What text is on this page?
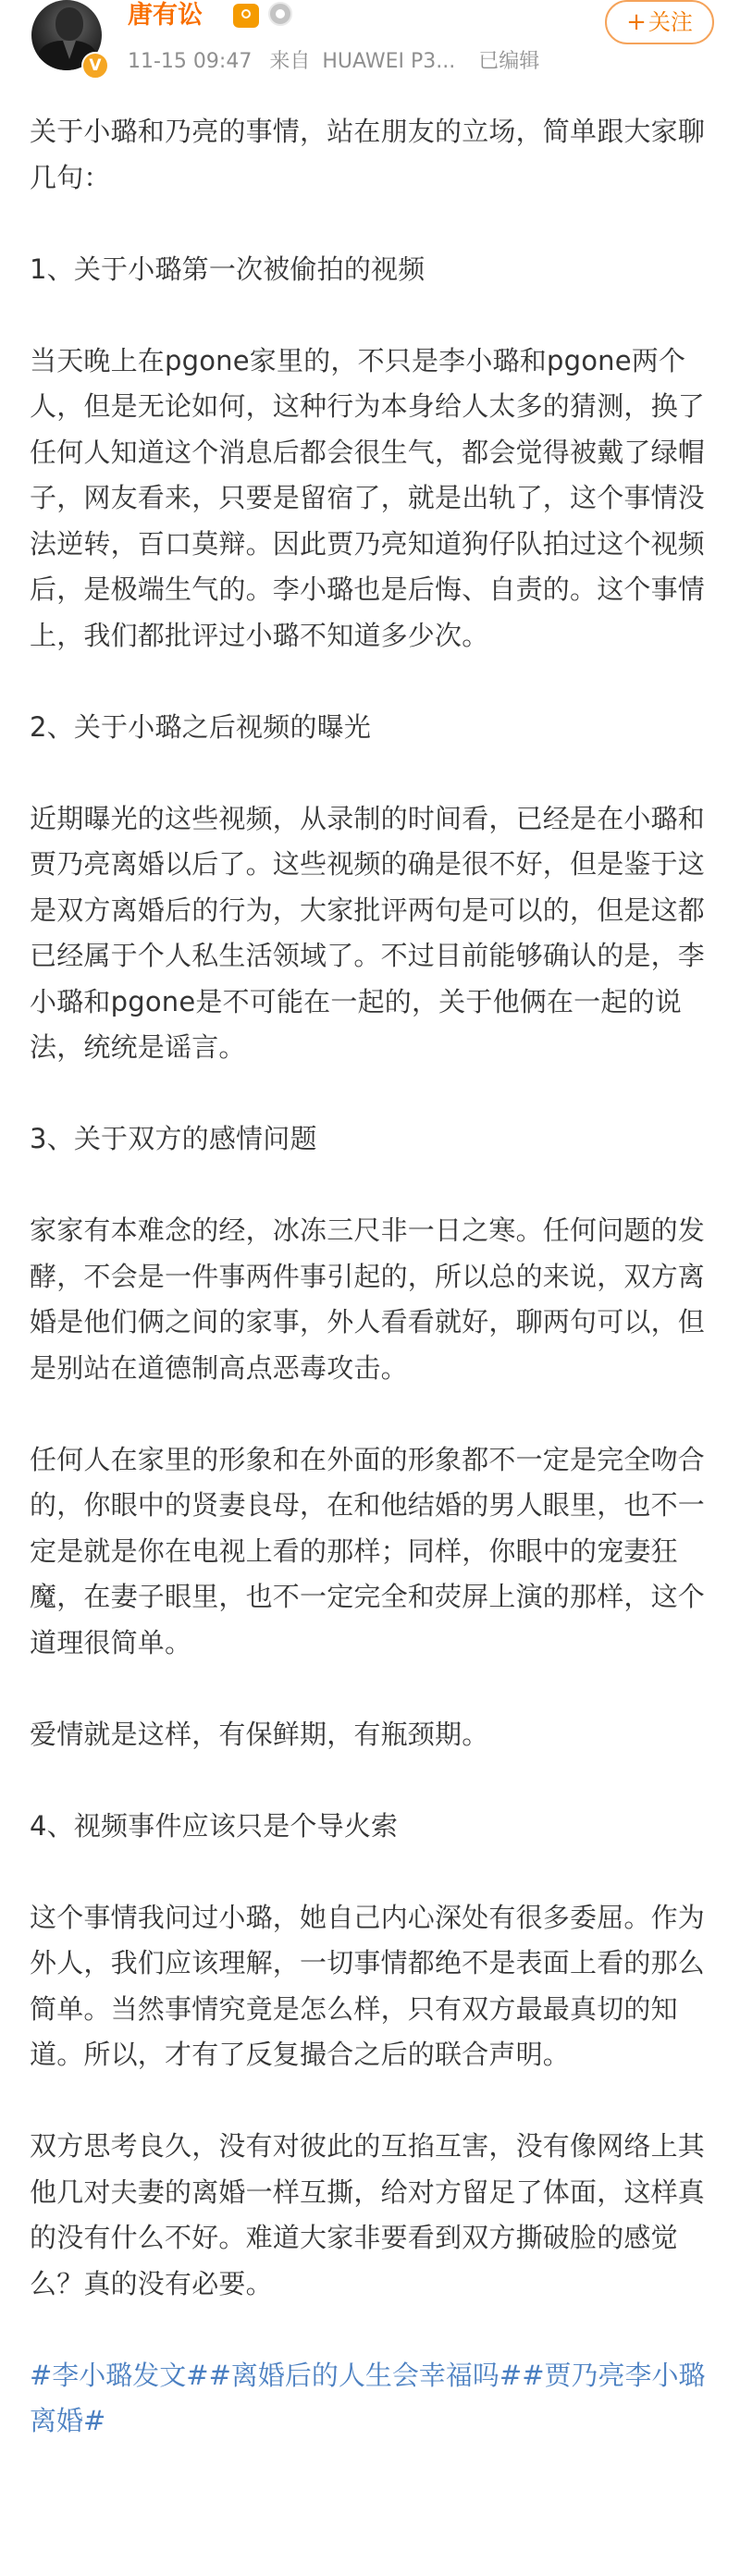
V
唐有讼
11-15 09:47 来自 HUAWEI P3... 已编辑
+关注

关于小璐和乃亮的事情，站在朋友的立场，简单跟大家聊几句：

1、关于小璐第一次被偷拍的视频

当天晚上在pgone家里的，不只是李小璐和pgone两个人，但是无论如何，这种行为本身给人太多的猜测，换了任何人知道这个消息后都会很生气，都会觉得被戴了绿帽子，网友看来，只要是留宿了，就是出轨了，这个事情没法逆转，百口莫辩。因此贾乃亮知道狗仔队拍过这个视频后，是极端生气的。李小璐也是后悔、自责的。这个事情上，我们都批评过小璐不知道多少次。

2、关于小璐之后视频的曝光

近期曝光的这些视频，从录制的时间看，已经是在小璐和贾乃亮离婚以后了。这些视频的确是很不好，但是鉴于这是双方离婚后的行为，大家批评两句是可以的，但是这都已经属于个人私生活领域了。不过目前能够确认的是，李小璐和pgone是不可能在一起的，关于他俩在一起的说法，统统是谣言。

3、关于双方的感情问题

家家有本难念的经，冰冻三尺非一日之寒。任何问题的发酵，不会是一件事两件事引起的，所以总的来说，双方离婚是他们俩之间的家事，外人看看就好，聊两句可以，但是别站在道德制高点恶毒攻击。

任何人在家里的形象和在外面的形象都不一定是完全吻合的，你眼中的贤妻良母，在和他结婚的男人眼里，也不一定是就是你在电视上看的那样；同样，你眼中的宠妻狂魔，在妻子眼里，也不一定完全和荧屏上演的那样，这个道理很简单。

爱情就是这样，有保鲜期，有瓶颈期。

4、视频事件应该只是个导火索

这个事情我问过小璐，她自己内心深处有很多委屈。作为外人，我们应该理解，一切事情都绝不是表面上看的那么简单。当然事情究竟是怎么样，只有双方最最真切的知道。所以，才有了反复撮合之后的联合声明。

双方思考良久，没有对彼此的互掐互害，没有像网络上其他几对夫妻的离婚一样互撕，给对方留足了体面，这样真的没有什么不好。难道大家非要看到双方撕破脸的感觉么？真的没有必要。

#李小璐发文##离婚后的人生会幸福吗##贾乃亮李小璐离婚#
